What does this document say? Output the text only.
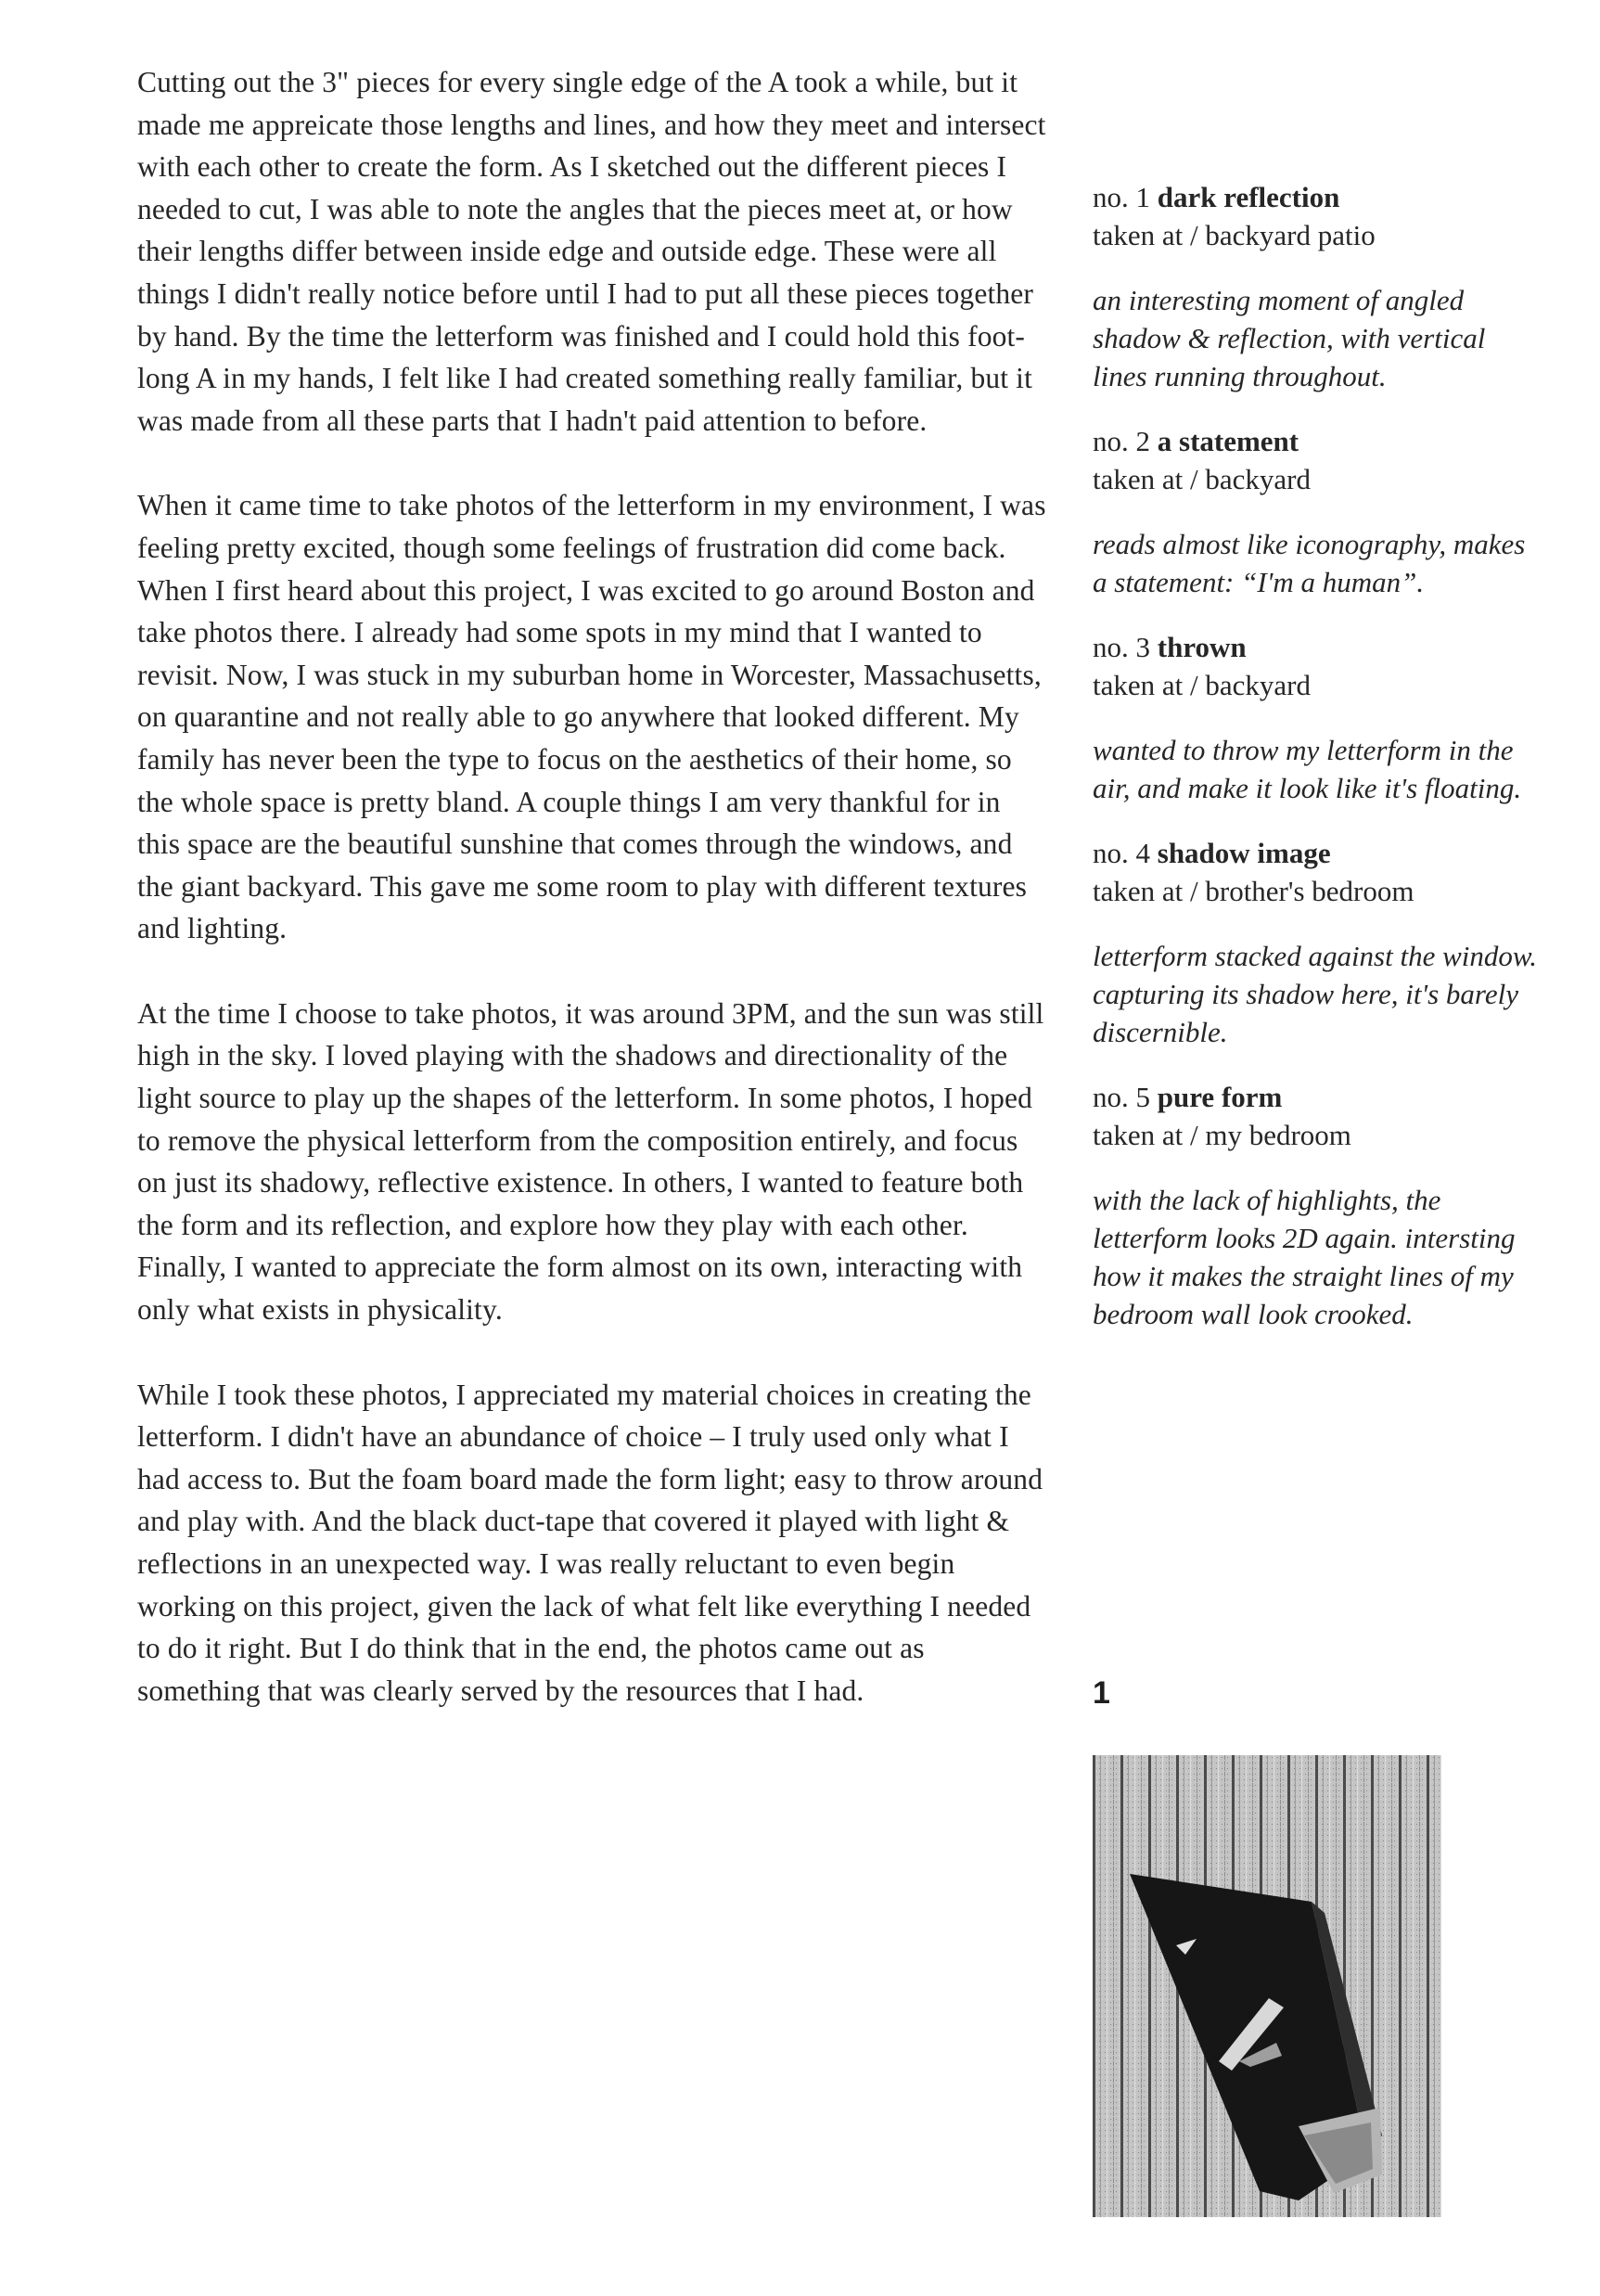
Cutting out the 3" pieces for every single edge of the A took a while, but it made me appreicate those lengths and lines, and how they meet and intersect with each other to create the form. As I sketched out the different pieces I needed to cut, I was able to note the angles that the pieces meet at, or how their lengths differ between inside edge and outside edge. These were all things I didn't really notice before until I had to put all these pieces together by hand. By the time the letterform was finished and I could hold this foot-long A in my hands, I felt like I had created something really familiar, but it was made from all these parts that I hadn't paid attention to before.

When it came time to take photos of the letterform in my environment, I was feeling pretty excited, though some feelings of frustration did come back. When I first heard about this project, I was excited to go around Boston and take photos there. I already had some spots in my mind that I wanted to revisit. Now, I was stuck in my suburban home in Worcester, Massachusetts, on quarantine and not really able to go anywhere that looked different. My family has never been the type to focus on the aesthetics of their home, so the whole space is pretty bland. A couple things I am very thankful for in this space are the beautiful sunshine that comes through the windows, and the giant backyard. This gave me some room to play with different textures and lighting.

At the time I choose to take photos, it was around 3PM, and the sun was still high in the sky. I loved playing with the shadows and directionality of the light source to play up the shapes of the letterform. In some photos, I hoped to remove the physical letterform from the composition entirely, and focus on just its shadowy, reflective existence. In others, I wanted to feature both the form and its reflection, and explore how they play with each other. Finally, I wanted to appreciate the form almost on its own, interacting with only what exists in physicality.

While I took these photos, I appreciated my material choices in creating the letterform. I didn't have an abundance of choice – I truly used only what I had access to. But the foam board made the form light; easy to throw around and play with. And the black duct-tape that covered it played with light & reflections in an unexpected way. I was really reluctant to even begin working on this project, given the lack of what felt like everything I needed to do it right. But I do think that in the end, the photos came out as something that was clearly served by the resources that I had.

no. 1 dark reflection
taken at / backyard patio
an interesting moment of angled shadow & reflection, with vertical lines running throughout.
no. 2 a statement
taken at / backyard
reads almost like iconography, makes a statement: “I'm a human”.
no. 3 thrown
taken at / backyard
wanted to throw my letterform in the air, and make it look like it's floating.
no. 4 shadow image
taken at / brother's bedroom
letterform stacked against the window. capturing its shadow here, it's barely discernible.
no. 5 pure form
taken at / my bedroom
with the lack of highlights, the letterform looks 2D again. intersting how it makes the straight lines of my bedroom wall look crooked.
1
